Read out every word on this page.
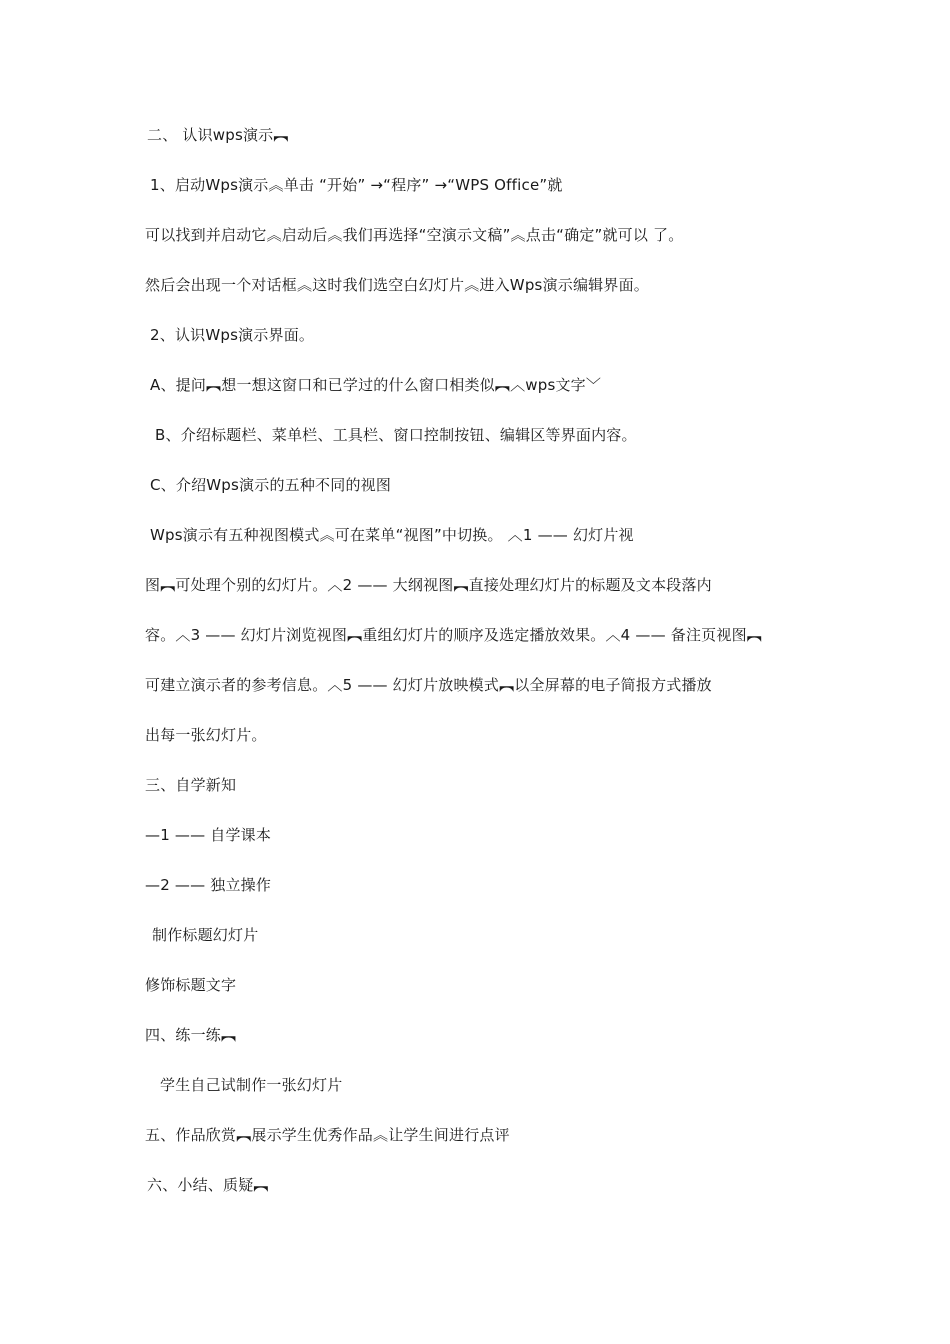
二、 认识wps演示︻
1、启动Wps演示︽单击 “开始” →“程序” →“WPS Office”就
可以找到并启动它︽启动后︽我们再选择“空演示文稿”︽点击“确定”就可以 了。
然后会出现一个对话框︽这时我们选空白幻灯片︽进入Wps演示编辑界面。
2、认识Wps演示界面。
A、提问︻想一想这窗口和已学过的什么窗口相类似︻︿wps文字﹀
B、介绍标题栏、菜单栏、工具栏、窗口控制按钮、编辑区等界面内容。
C、介绍Wps演示的五种不同的视图
Wps演示有五种视图模式︽可在菜单“视图”中切换。 ︿1 —— 幻灯片视
图︻可处理个别的幻灯片。︿2 —— 大纲视图︻直接处理幻灯片的标题及文本段落内
容。︿3 —— 幻灯片浏览视图︻重组幻灯片的顺序及选定播放效果。︿4 —— 备注页视图︻
可建立演示者的参考信息。︿5 —— 幻灯片放映模式︻以全屏幕的电子简报方式播放
出每一张幻灯片。
三、自学新知
—1 —— 自学课本
—2 —— 独立操作
制作标题幻灯片
修饰标题文字
四、练一练︻
学生自己试制作一张幻灯片
五、作品欣赏︻展示学生优秀作品︽让学生间进行点评
六、小结、质疑︻
